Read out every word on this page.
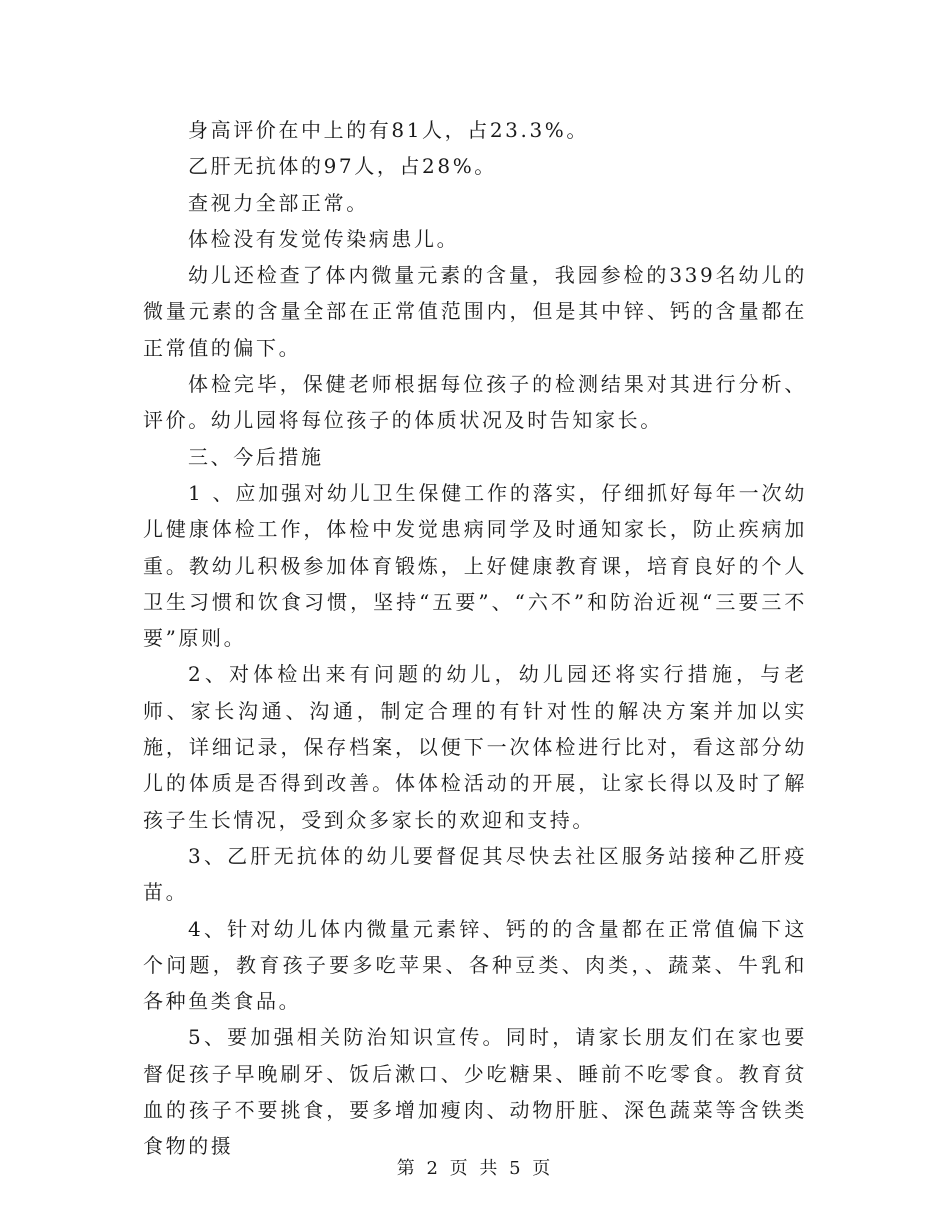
身高评价在中上的有81人，占23.3%。

乙肝无抗体的97人，占28%。

查视力全部正常。

体检没有发觉传染病患儿。

幼儿还检查了体内微量元素的含量，我园参检的339名幼儿的微量元素的含量全部在正常值范围内，但是其中锌、钙的含量都在正常值的偏下。

体检完毕，保健老师根据每位孩子的检测结果对其进行分析、评价。幼儿园将每位孩子的体质状况及时告知家长。

三、今后措施

1 、应加强对幼儿卫生保健工作的落实，仔细抓好每年一次幼儿健康体检工作，体检中发觉患病同学及时通知家长，防止疾病加重。教幼儿积极参加体育锻炼，上好健康教育课，培育良好的个人卫生习惯和饮食习惯，坚持“五要”、“六不”和防治近视“三要三不要”原则。

2、对体检出来有问题的幼儿，幼儿园还将实行措施，与老师、家长沟通、沟通，制定合理的有针对性的解决方案并加以实施，详细记录，保存档案，以便下一次体检进行比对，看这部分幼儿的体质是否得到改善。体体检活动的开展，让家长得以及时了解孩子生长情况，受到众多家长的欢迎和支持。

3、乙肝无抗体的幼儿要督促其尽快去社区服务站接种乙肝疫苗。

4、针对幼儿体内微量元素锌、钙的的含量都在正常值偏下这个问题，教育孩子要多吃苹果、各种豆类、肉类，、蔬菜、牛乳和各种鱼类食品。

5、要加强相关防治知识宣传。同时，请家长朋友们在家也要督促孩子早晚刷牙、饭后漱口、少吃糖果、睡前不吃零食。教育贫血的孩子不要挑食，要多增加瘦肉、动物肝脏、深色蔬菜等含铁类食物的摄

第 2 页 共 5 页
